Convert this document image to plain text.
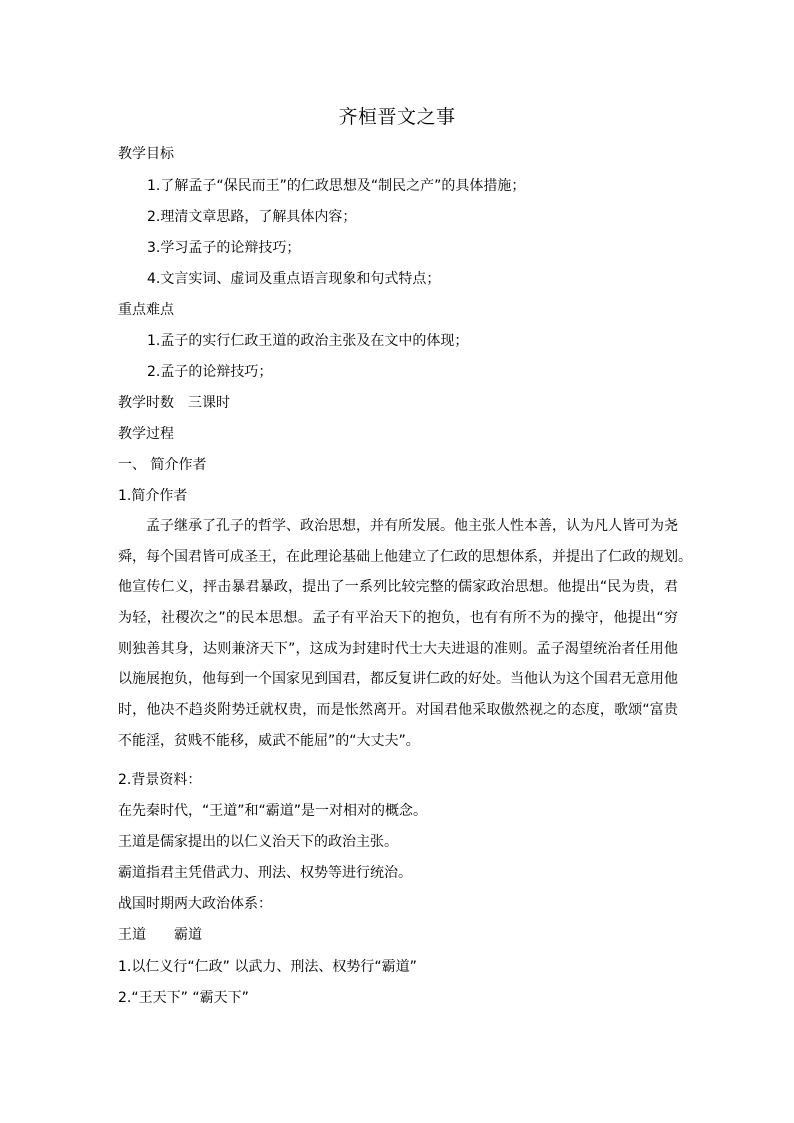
齐桓晋文之事
教学目标
1.了解孟子“保民而王”的仁政思想及“制民之产”的具体措施；
2.理清文章思路，了解具体内容；
3.学习孟子的论辩技巧；
4.文言实词、虚词及重点语言现象和句式特点；
重点难点
1.孟子的实行仁政王道的政治主张及在文中的体现；
2.孟子的论辩技巧；
教学时数　三课时
教学过程
一、 简介作者
1.简介作者
孟子继承了孔子的哲学、政治思想，并有所发展。他主张人性本善，认为凡人皆可为尧
舜，每个国君皆可成圣王，在此理论基础上他建立了仁政的思想体系，并提出了仁政的规划。
他宣传仁义，抨击暴君暴政，提出了一系列比较完整的儒家政治思想。他提出“民为贵，君
为轻，社稷次之”的民本思想。孟子有平治天下的抱负，也有有所不为的操守，他提出“穷
则独善其身，达则兼济天下”，这成为封建时代士大夫进退的准则。孟子渴望统治者任用他
以施展抱负，他每到一个国家见到国君，都反复讲仁政的好处。当他认为这个国君无意用他
时，他决不趋炎附势迁就权贵，而是怅然离开。对国君他采取傲然视之的态度，歌颂“富贵
不能淫，贫贱不能移，威武不能屈”的“大丈夫”。
2.背景资料：
在先秦时代，“王道”和“霸道”是一对相对的概念。
王道是儒家提出的以仁义治天下的政治主张。
霸道指君主凭借武力、刑法、权势等进行统治。
战国时期两大政治体系：
王道　　霸道
1.以仁义行“仁政” 以武力、刑法、权势行“霸道”
2.“王天下” “霸天下”
